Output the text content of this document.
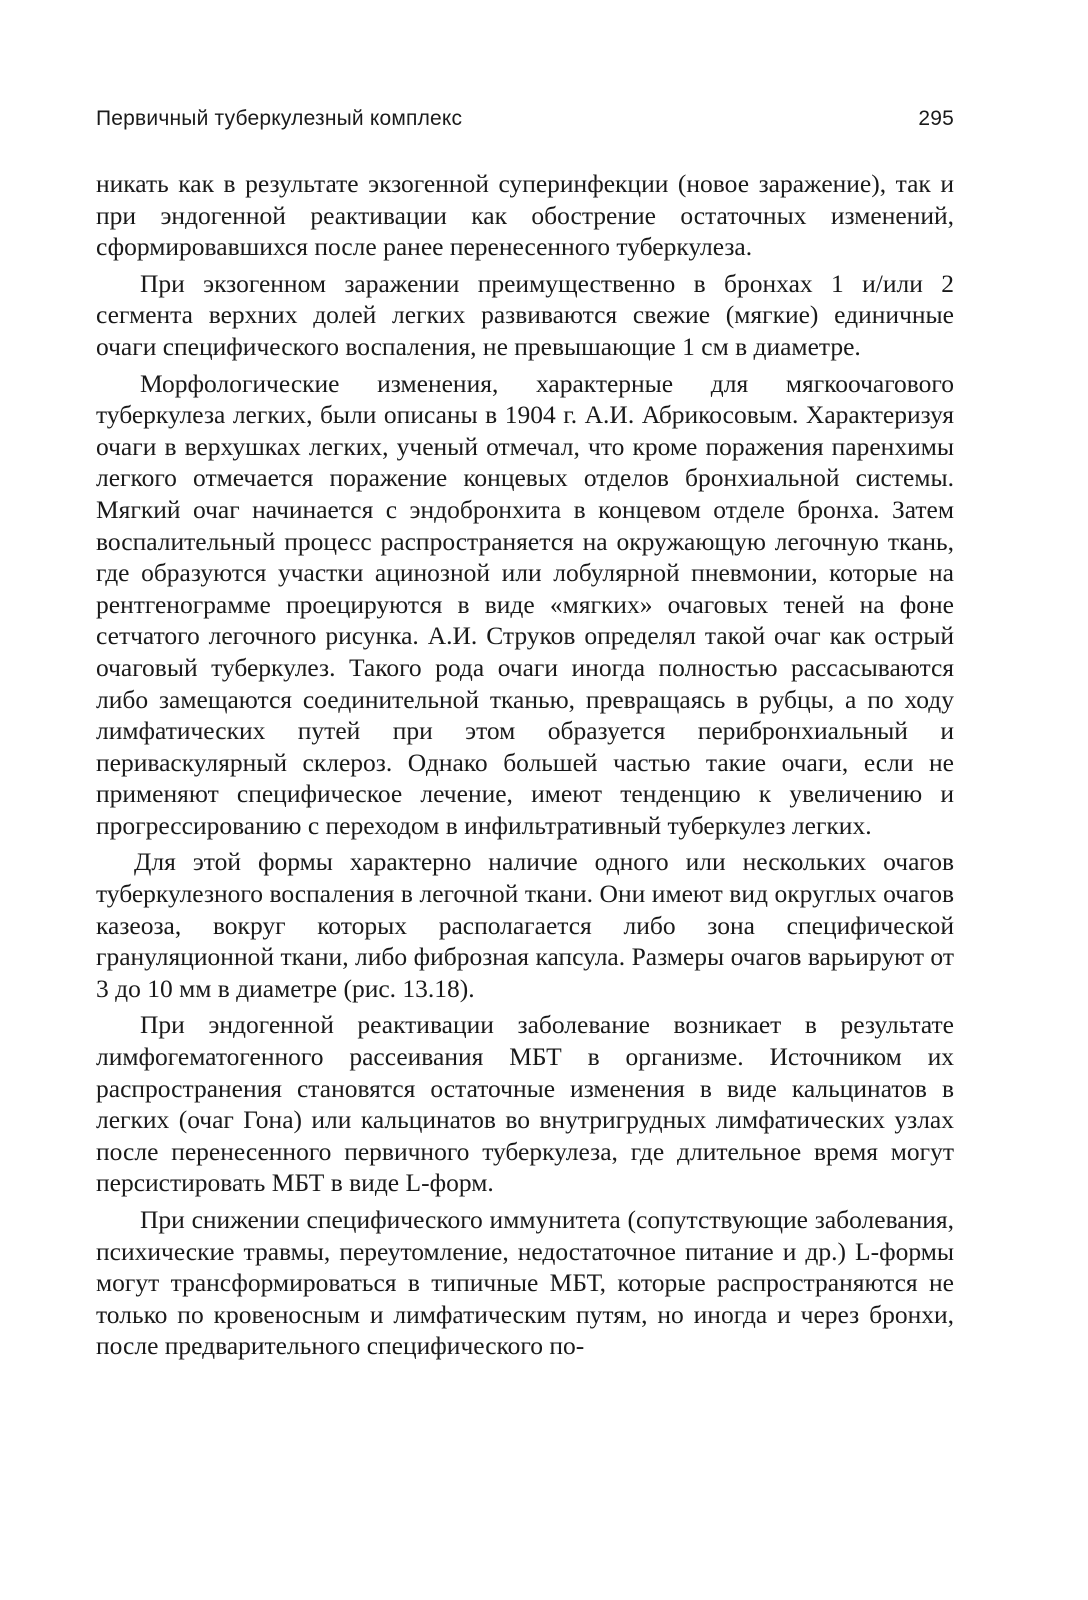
Первичный туберкулезный комплекс	295

никать как в результате экзогенной суперинфекции (новое заражение), так и при эндогенной реактивации как обострение остаточных изменений, сформировавшихся после ранее перенесенного туберкулеза.

При экзогенном заражении преимущественно в бронхах 1 и/или 2 сегмента верхних долей легких развиваются свежие (мягкие) единичные очаги специфического воспаления, не превышающие 1 см в диаметре.

Морфологические изменения, характерные для мягкоочагового туберкулеза легких, были описаны в 1904 г. А.И. Абрикосовым. Характеризуя очаги в верхушках легких, ученый отмечал, что кроме поражения паренхимы легкого отмечается поражение концевых отделов бронхиальной системы. Мягкий очаг начинается с эндобронхита в концевом отделе бронха. Затем воспалительный процесс распространяется на окружающую легочную ткань, где образуются участки ацинозной или лобулярной пневмонии, которые на рентгенограмме проецируются в виде «мягких» очаговых теней на фоне сетчатого легочного рисунка. А.И. Струков определял такой очаг как острый очаговый туберкулез. Такого рода очаги иногда полностью рассасываются либо замещаются соединительной тканью, превращаясь в рубцы, а по ходу лимфатических путей при этом образуется перибронхиальный и периваскулярный склероз. Однако большей частью такие очаги, если не применяют специфическое лечение, имеют тенденцию к увеличению и прогрессированию с переходом в инфильтративный туберкулез легких.

Для этой формы характерно наличие одного или нескольких очагов туберкулезного воспаления в легочной ткани. Они имеют вид округлых очагов казеоза, вокруг которых располагается либо зона специфической грануляционной ткани, либо фиброзная капсула. Размеры очагов варьируют от 3 до 10 мм в диаметре (рис. 13.18).

При эндогенной реактивации заболевание возникает в результате лимфогематогенного рассеивания МБТ в организме. Источником их распространения становятся остаточные изменения в виде кальцинатов в легких (очаг Гона) или кальцинатов во внутригрудных лимфатических узлах после перенесенного первичного туберкулеза, где длительное время могут персистировать МБТ в виде L-форм.

При снижении специфического иммунитета (сопутствующие заболевания, психические травмы, переутомление, недостаточное питание и др.) L-формы могут трансформироваться в типичные МБТ, которые распространяются не только по кровеносным и лимфатическим путям, но иногда и через бронхи, после предварительного специфического по-
